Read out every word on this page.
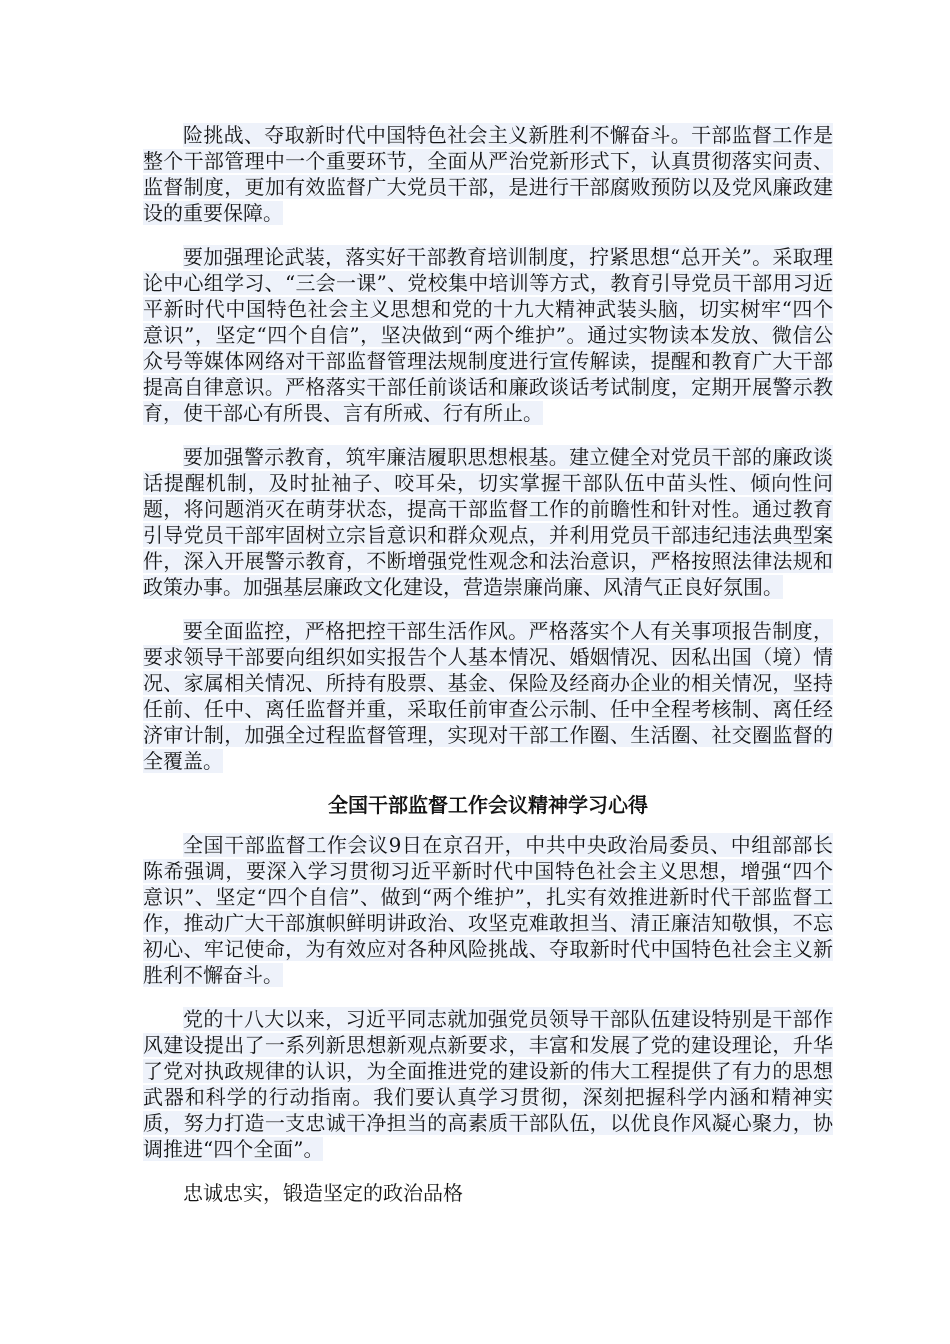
险挑战、夺取新时代中国特色社会主义新胜利不懈奋斗。干部监督工作是整个干部管理中一个重要环节，全面从严治党新形式下，认真贯彻落实问责、监督制度，更加有效监督广大党员干部，是进行干部腐败预防以及党风廉政建设的重要保障。

要加强理论武装，落实好干部教育培训制度，拧紧思想“总开关”。采取理论中心组学习、“三会一课”、党校集中培训等方式，教育引导党员干部用习近平新时代中国特色社会主义思想和党的十九大精神武装头脑，切实树牢“四个意识”，坚定“四个自信”，坚决做到“两个维护”。通过实物读本发放、微信公众号等媒体网络对干部监督管理法规制度进行宣传解读，提醒和教育广大干部提高自律意识。严格落实干部任前谈话和廉政谈话考试制度，定期开展警示教育，使干部心有所畏、言有所戒、行有所止。

要加强警示教育，筑牢廉洁履职思想根基。建立健全对党员干部的廉政谈话提醒机制，及时扯袖子、咬耳朵，切实掌握干部队伍中苗头性、倾向性问题，将问题消灭在萌芽状态，提高干部监督工作的前瞻性和针对性。通过教育引导党员干部牢固树立宗旨意识和群众观点，并利用党员干部违纪违法典型案件，深入开展警示教育，不断增强党性观念和法治意识，严格按照法律法规和政策办事。加强基层廉政文化建设，营造崇廉尚廉、风清气正良好氛围。

要全面监控，严格把控干部生活作风。严格落实个人有关事项报告制度，要求领导干部要向组织如实报告个人基本情况、婚姻情况、因私出国（境）情况、家属相关情况、所持有股票、基金、保险及经商办企业的相关情况，坚持任前、任中、离任监督并重，采取任前审查公示制、任中全程考核制、离任经济审计制，加强全过程监督管理，实现对干部工作圈、生活圈、社交圈监督的全覆盖。

全国干部监督工作会议精神学习心得

全国干部监督工作会议9日在京召开，中共中央政治局委员、中组部部长陈希强调，要深入学习贯彻习近平新时代中国特色社会主义思想，增强“四个意识”、坚定“四个自信”、做到“两个维护”，扎实有效推进新时代干部监督工作，推动广大干部旗帜鲜明讲政治、攻坚克难敢担当、清正廉洁知敬惧，不忘初心、牢记使命，为有效应对各种风险挑战、夺取新时代中国特色社会主义新胜利不懈奋斗。

党的十八大以来，习近平同志就加强党员领导干部队伍建设特别是干部作风建设提出了一系列新思想新观点新要求，丰富和发展了党的建设理论，升华了党对执政规律的认识，为全面推进党的建设新的伟大工程提供了有力的思想武器和科学的行动指南。我们要认真学习贯彻，深刻把握科学内涵和精神实质，努力打造一支忠诚干净担当的高素质干部队伍，以优良作风凝心聚力，协调推进“四个全面”。

忠诚忠实，锻造坚定的政治品格
